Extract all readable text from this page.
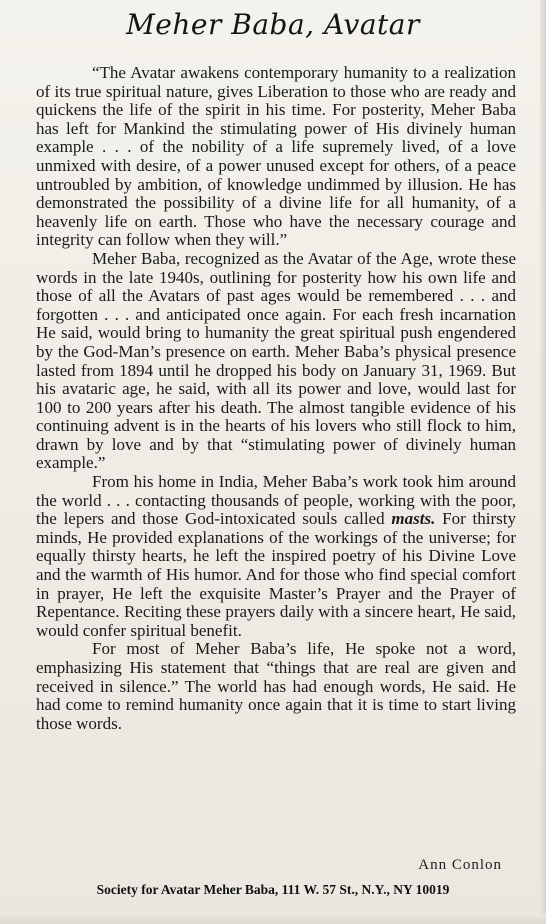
Meher Baba, Avatar

“The Avatar awakens contemporary humanity to a realization of its true spiritual nature, gives Liberation to those who are ready and quickens the life of the spirit in his time. For posterity, Meher Baba has left for Mankind the stimulating power of His divinely human example . . . of the nobility of a life supremely lived, of a love unmixed with desire, of a power unused except for others, of a peace untroubled by ambition, of knowledge undimmed by illusion. He has demonstrated the possibility of a divine life for all humanity, of a heavenly life on earth. Those who have the necessary courage and integrity can follow when they will.”

Meher Baba, recognized as the Avatar of the Age, wrote these words in the late 1940s, outlining for posterity how his own life and those of all the Avatars of past ages would be remembered . . . and forgotten . . . and anticipated once again. For each fresh incarnation He said, would bring to humanity the great spiritual push engendered by the God-Man’s presence on earth. Meher Baba’s physical presence lasted from 1894 until he dropped his body on January 31, 1969. But his avataric age, he said, with all its power and love, would last for 100 to 200 years after his death. The almost tangible evidence of his continuing advent is in the hearts of his lovers who still flock to him, drawn by love and by that “stimulating power of divinely human example.”

From his home in India, Meher Baba’s work took him around the world . . . contacting thousands of people, working with the poor, the lepers and those God-intoxicated souls called masts. For thirsty minds, He provided explanations of the workings of the universe; for equally thirsty hearts, he left the inspired poetry of his Divine Love and the warmth of His humor. And for those who find special comfort in prayer, He left the exquisite Master’s Prayer and the Prayer of Repentance. Reciting these prayers daily with a sincere heart, He said, would confer spiritual benefit.

For most of Meher Baba’s life, He spoke not a word, emphasizing His statement that “things that are real are given and received in silence.” The world has had enough words, He said. He had come to remind humanity once again that it is time to start living those words.

Ann Conlon
Society for Avatar Meher Baba, 111 W. 57 St., N.Y., NY 10019
